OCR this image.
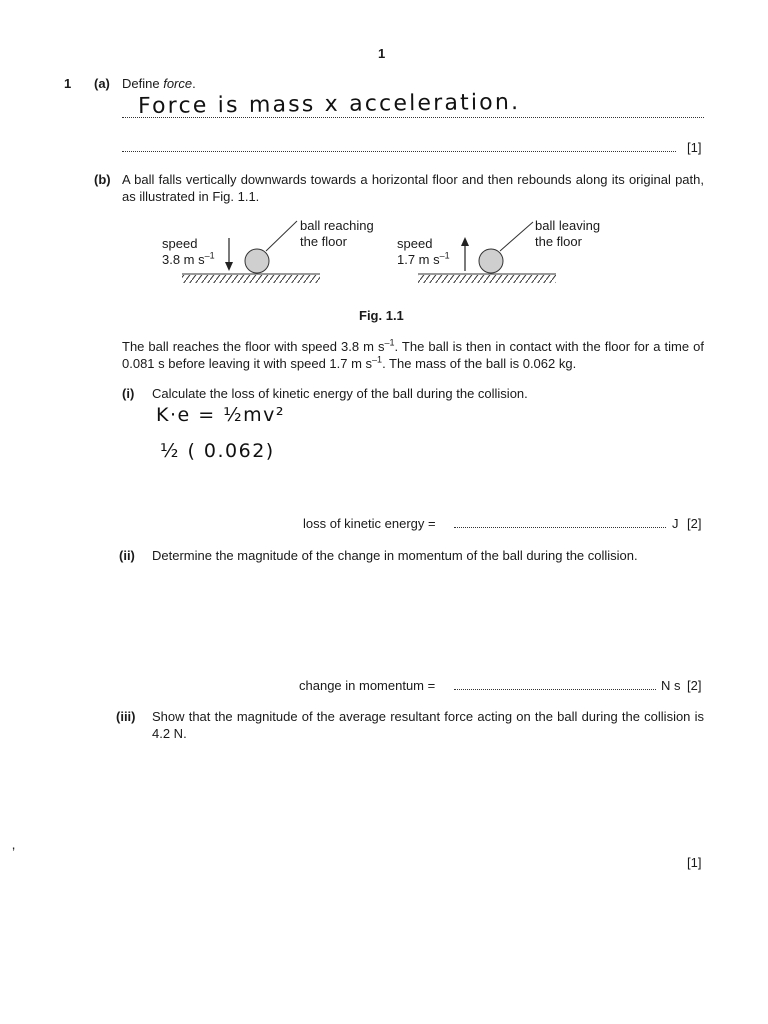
1
1 (a) Define force.
Force is mass x acceleration.
[1]
(b) A ball falls vertically downwards towards a horizontal floor and then rebounds along its original path, as illustrated in Fig. 1.1.
ball reaching
the floor
speed
3.8 m $s^{-1}$
ball leaving
the floor
speed
1.7 m $s^{-1}$
Fig. 1.1
The ball reaches the floor with speed 3.8 m $s^{-1}$. The ball is then in contact with the floor for a time of 0.081 s before leaving it with speed 1.7 m $s^{-1}$. The mass of the ball is 0.062 kg.
(i) Calculate the loss of kinetic energy of the ball during the collision.
K·e = ½mv²
½ ( 0.062)
loss of kinetic energy =	J [2]
(ii) Determine the magnitude of the change in momentum of the ball during the collision.
change in momentum =	N s [2]
(iii) Show that the magnitude of the average resultant force acting on the ball during the collision is 4.2 N.
’
[1]
